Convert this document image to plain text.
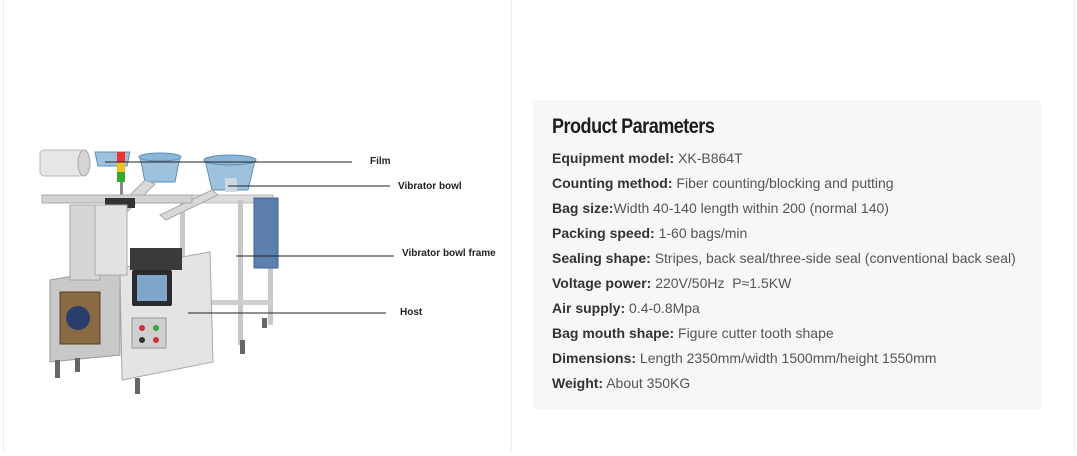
Film
Vibrator bowl
Vibrator bowl frame
Host
Product Parameters
Equipment model: XK-B864T
Counting method: Fiber counting/blocking and putting
Bag size:Width 40-140 length within 200 (normal 140)
Packing speed: 1-60 bags/min
Sealing shape: Stripes, back seal/three-side seal (conventional back seal)
Voltage power: 220V/50Hz  P≈1.5KW
Air supply: 0.4-0.8Mpa
Bag mouth shape: Figure cutter tooth shape
Dimensions: Length 2350mm/width 1500mm/height 1550mm
Weight: About 350KG
